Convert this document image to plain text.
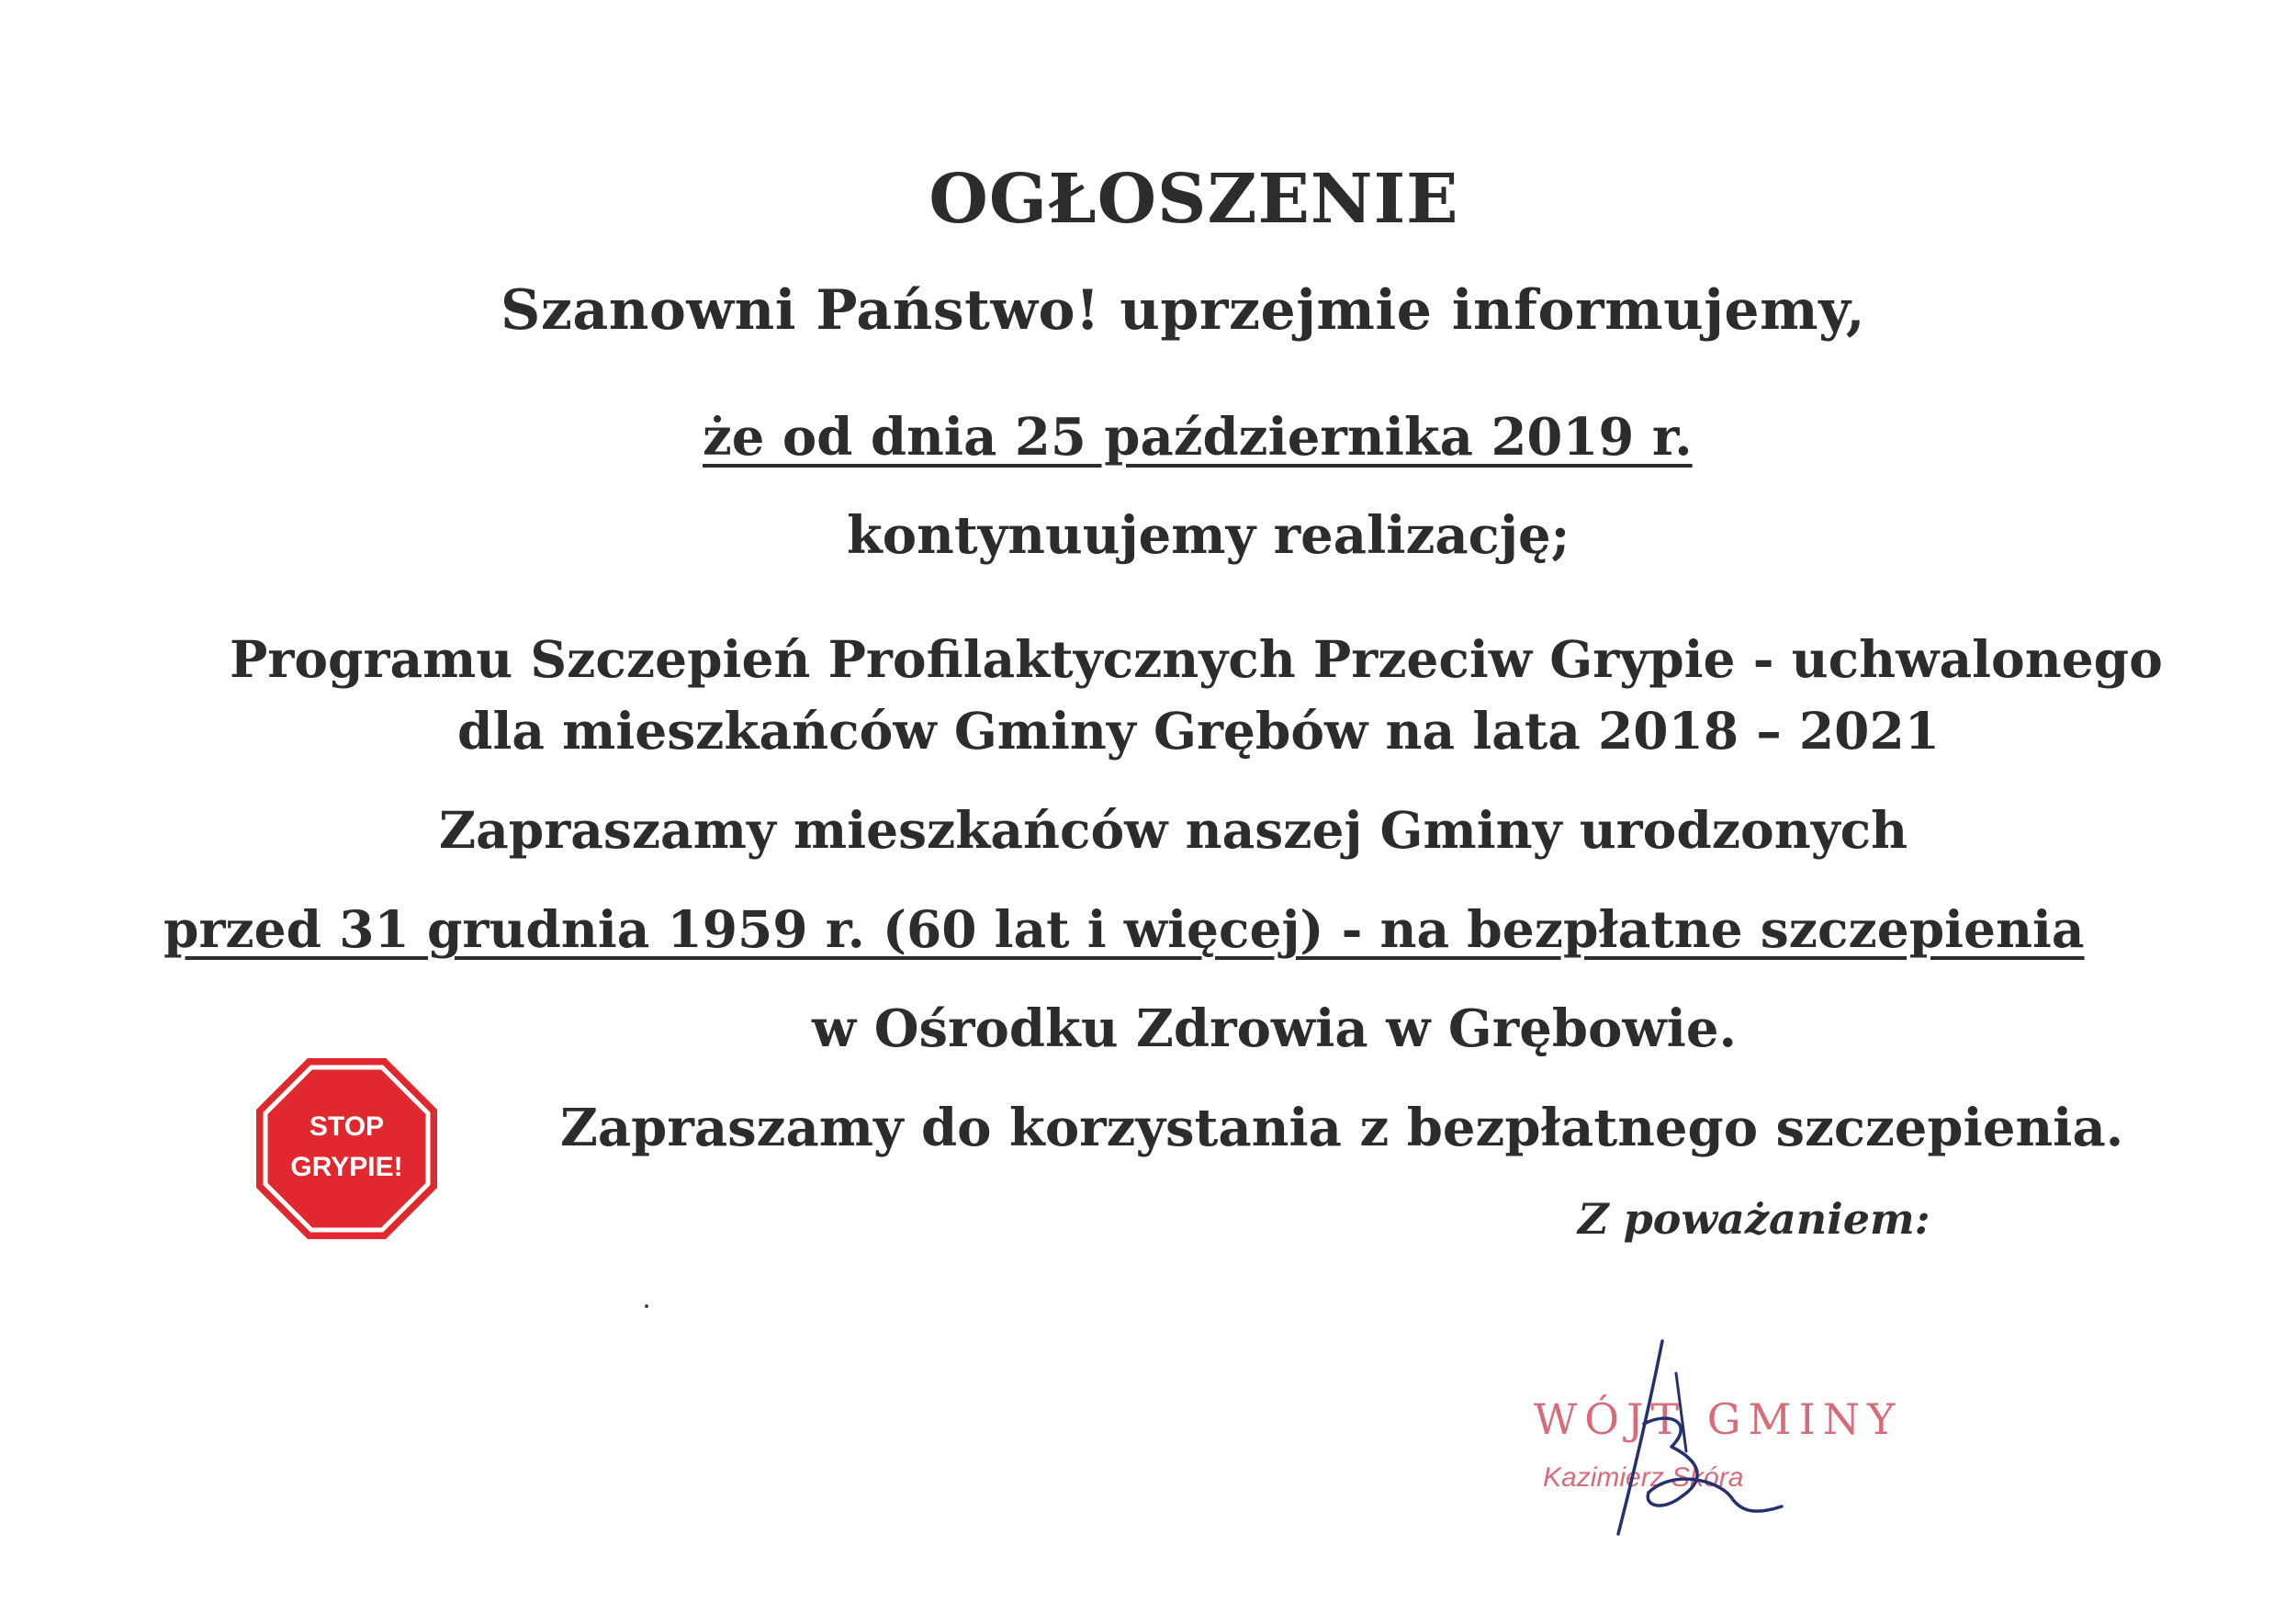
OGŁOSZENIE
Szanowni Państwo! uprzejmie informujemy,
że od dnia 25 października 2019 r.
kontynuujemy realizację;
Programu Szczepień Profilaktycznych Przeciw Grypie - uchwalonego
dla mieszkańców Gminy Grębów na lata 2018 – 2021
Zapraszamy mieszkańców naszej Gminy urodzonych
przed 31 grudnia 1959 r. (60 lat i więcej) - na bezpłatne szczepienia
w Ośrodku Zdrowia w Grębowie.
Zapraszamy do korzystania z bezpłatnego szczepienia.
Z poważaniem:
STOP
GRYPIE!
WÓJT GMINY
Kazimierz Skóra
